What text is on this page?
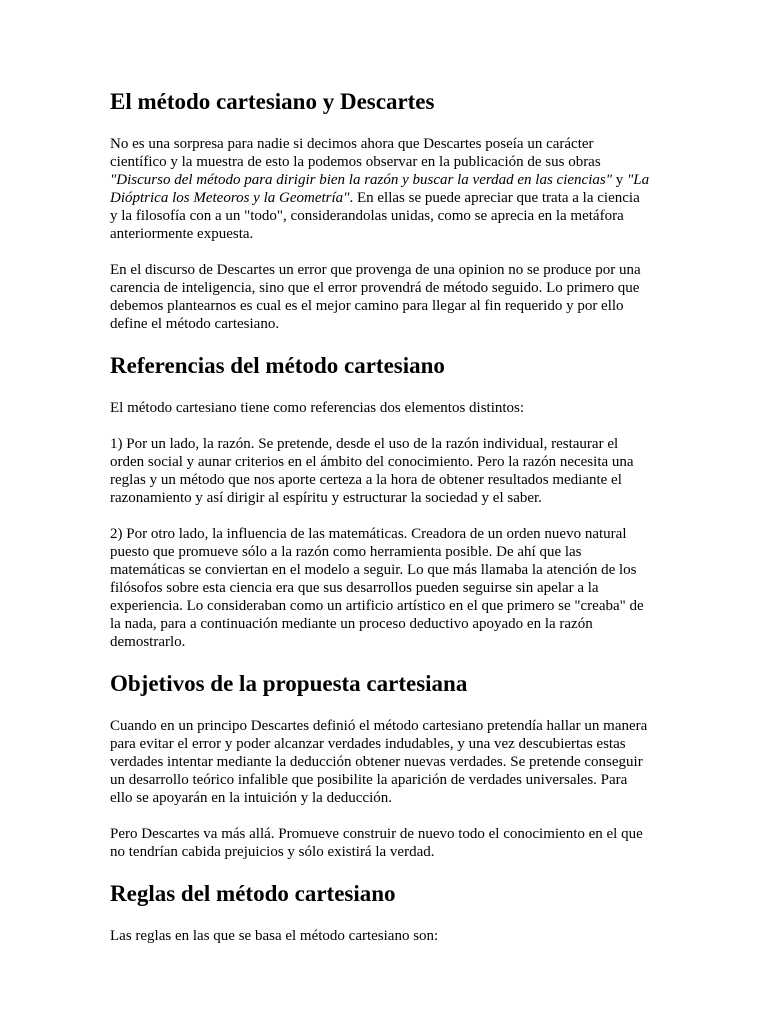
El método cartesiano y Descartes

No es una sorpresa para nadie si decimos ahora que Descartes poseía un carácter científico y la muestra de esto la podemos observar en la publicación de sus obras "Discurso del método para dirigir bien la razón y buscar la verdad en las ciencias" y "La Dióptrica los Meteoros y la Geometría". En ellas se puede apreciar que trata a la ciencia y la filosofía con a un "todo", considerandolas unidas, como se aprecia en la metáfora anteriormente expuesta.

En el discurso de Descartes un error que provenga de una opinion no se produce por una carencia de inteligencia, sino que el error provendrá de método seguido. Lo primero que debemos plantearnos es cual es el mejor camino para llegar al fin requerido y por ello define el método cartesiano.

Referencias del método cartesiano

El método cartesiano tiene como referencias dos elementos distintos:

1) Por un lado, la razón. Se pretende, desde el uso de la razón individual, restaurar el orden social y aunar criterios en el ámbito del conocimiento. Pero la razón necesita una reglas y un método que nos aporte certeza a la hora de obtener resultados mediante el razonamiento y así dirigir al espíritu y estructurar la sociedad y el saber.

2) Por otro lado, la influencia de las matemáticas. Creadora de un orden nuevo natural puesto que promueve sólo a la razón como herramienta posible. De ahí que las matemáticas se conviertan en el modelo a seguir. Lo que más llamaba la atención de los filósofos sobre esta ciencia era que sus desarrollos pueden seguirse sin apelar a la experiencia. Lo consideraban como un artificio artístico en el que primero se "creaba" de la nada, para a continuación mediante un proceso deductivo apoyado en la razón demostrarlo.

Objetivos de la propuesta cartesiana

Cuando en un principo Descartes definió el método cartesiano pretendía hallar un manera para evitar el error y poder alcanzar verdades indudables, y una vez descubiertas estas verdades intentar mediante la deducción obtener nuevas verdades. Se pretende conseguir un desarrollo teórico infalible que posibilite la aparición de verdades universales. Para ello se apoyarán en la intuición y la deducción.

Pero Descartes va más allá. Promueve construir de nuevo todo el conocimiento en el que no tendrían cabida prejuicios y sólo existirá la verdad.

Reglas del método cartesiano

Las reglas en las que se basa el método cartesiano son:
